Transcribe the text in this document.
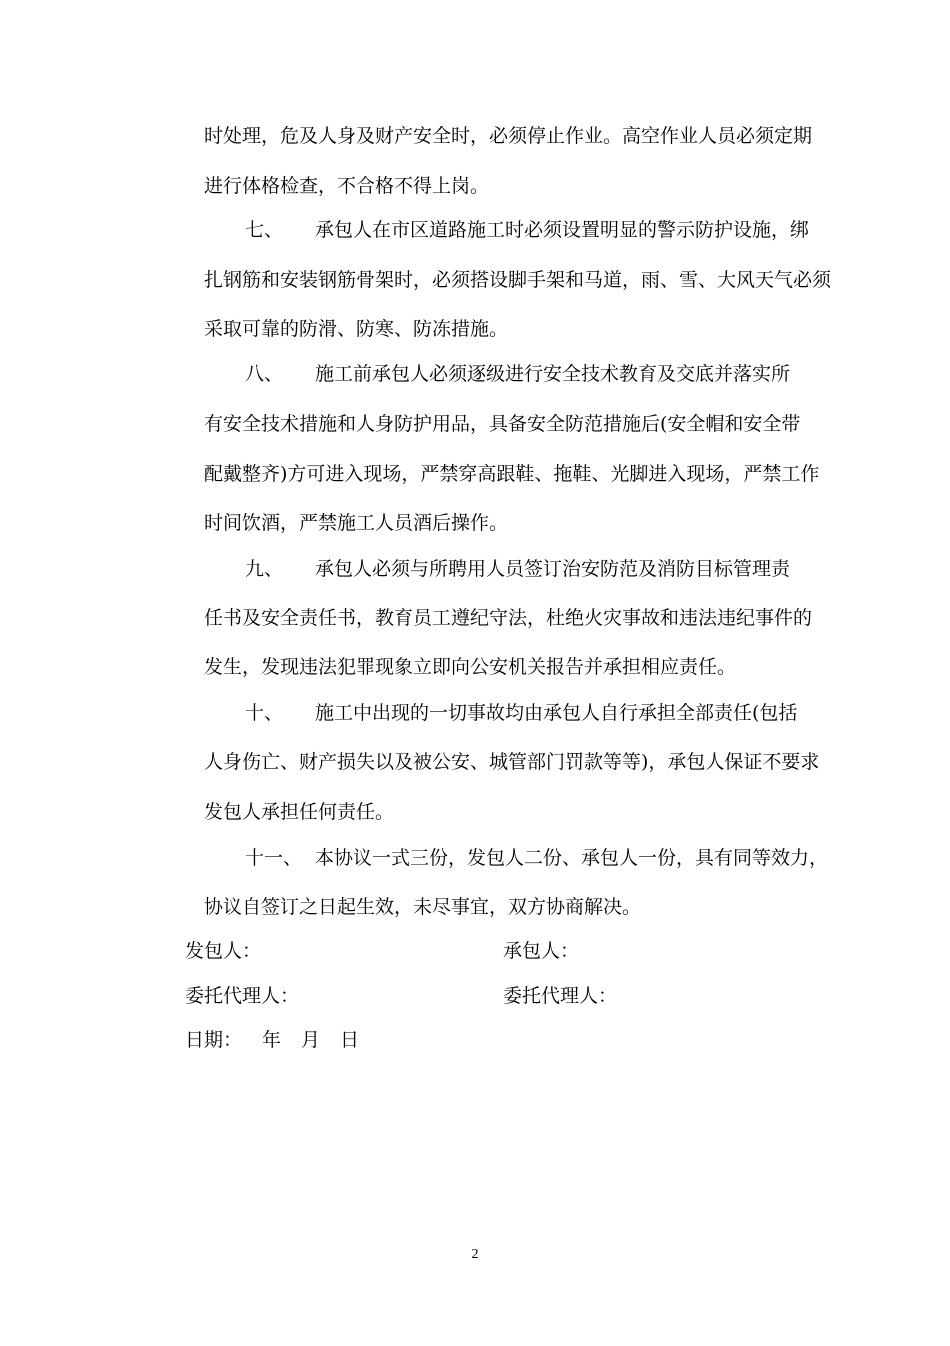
时处理，危及人身及财产安全时，必须停止作业。高空作业人员必须定期
进行体格检查，不合格不得上岗。
七、 承包人在市区道路施工时必须设置明显的警示防护设施，绑
扎钢筋和安装钢筋骨架时，必须搭设脚手架和马道，雨、雪、大风天气必须
采取可靠的防滑、防寒、防冻措施。
八、 施工前承包人必须逐级进行安全技术教育及交底并落实所
有安全技术措施和人身防护用品，具备安全防范措施后(安全帽和安全带
配戴整齐)方可进入现场，严禁穿高跟鞋、拖鞋、光脚进入现场，严禁工作
时间饮酒，严禁施工人员酒后操作。
九、 承包人必须与所聘用人员签订治安防范及消防目标管理责
任书及安全责任书，教育员工遵纪守法，杜绝火灾事故和违法违纪事件的
发生，发现违法犯罪现象立即向公安机关报告并承担相应责任。
十、 施工中出现的一切事故均由承包人自行承担全部责任(包括
人身伤亡、财产损失以及被公安、城管部门罚款等等)，承包人保证不要求
发包人承担任何责任。
十一、 本协议一式三份，发包人二份、承包人一份，具有同等效力，
协议自签订之日起生效，未尽事宜，双方协商解决。
发包人：	承包人：
委托代理人：	委托代理人：
日期： 年 月 日
2
